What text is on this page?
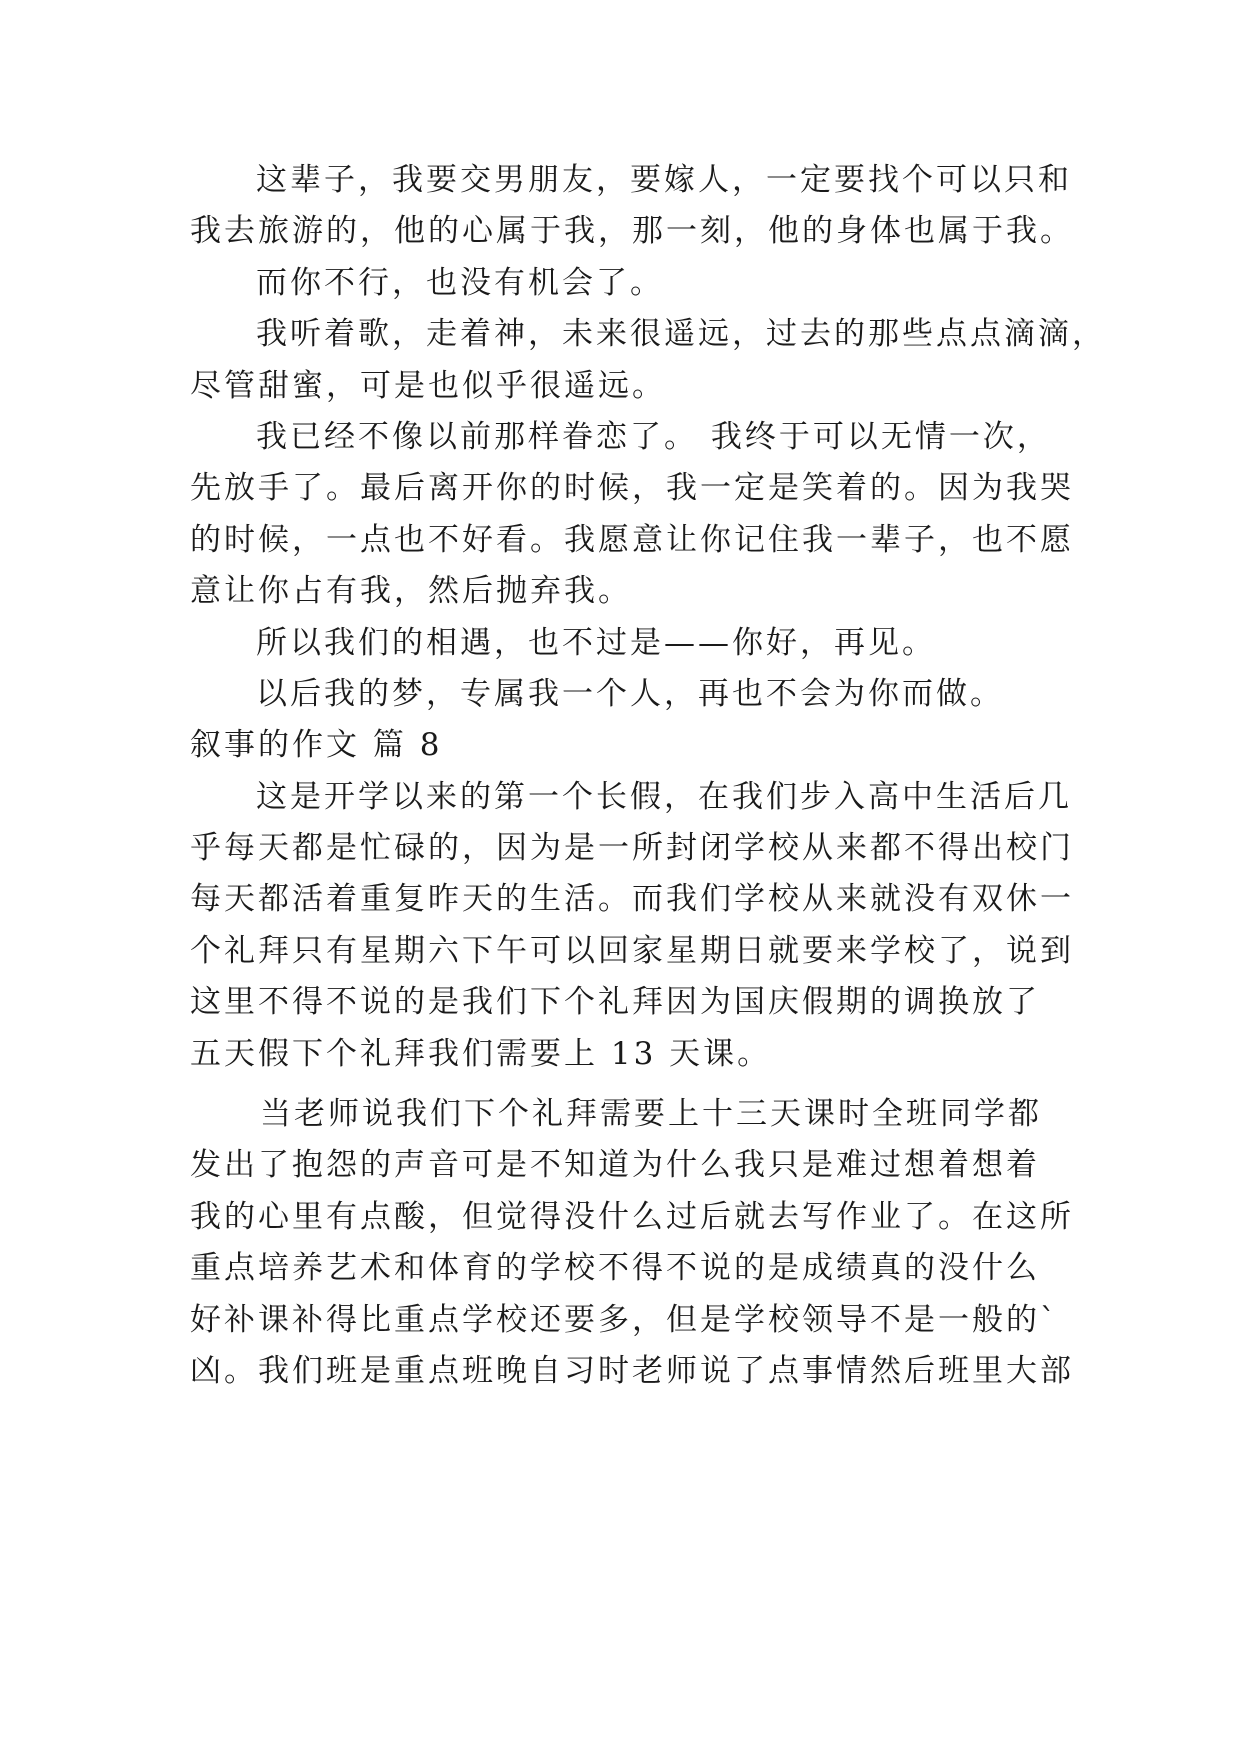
这辈子，我要交男朋友，要嫁人，一定要找个可以只和
我去旅游的，他的心属于我，那一刻，他的身体也属于我。
而你不行，也没有机会了。
我听着歌，走着神，未来很遥远，过去的那些点点滴滴，
尽管甜蜜，可是也似乎很遥远。
我已经不像以前那样眷恋了。 我终于可以无情一次，
先放手了。最后离开你的时候，我一定是笑着的。因为我哭
的时候，一点也不好看。我愿意让你记住我一辈子，也不愿
意让你占有我，然后抛弃我。
所以我们的相遇，也不过是——你好，再见。
以后我的梦，专属我一个人，再也不会为你而做。
叙事的作文 篇 8
这是开学以来的第一个长假，在我们步入高中生活后几
乎每天都是忙碌的，因为是一所封闭学校从来都不得出校门
每天都活着重复昨天的生活。而我们学校从来就没有双休一
个礼拜只有星期六下午可以回家星期日就要来学校了，说到
这里不得不说的是我们下个礼拜因为国庆假期的调换放了
五天假下个礼拜我们需要上 13 天课。
当老师说我们下个礼拜需要上十三天课时全班同学都
发出了抱怨的声音可是不知道为什么我只是难过想着想着
我的心里有点酸，但觉得没什么过后就去写作业了。在这所
重点培养艺术和体育的学校不得不说的是成绩真的没什么
好补课补得比重点学校还要多，但是学校领导不是一般的`
凶。我们班是重点班晚自习时老师说了点事情然后班里大部
